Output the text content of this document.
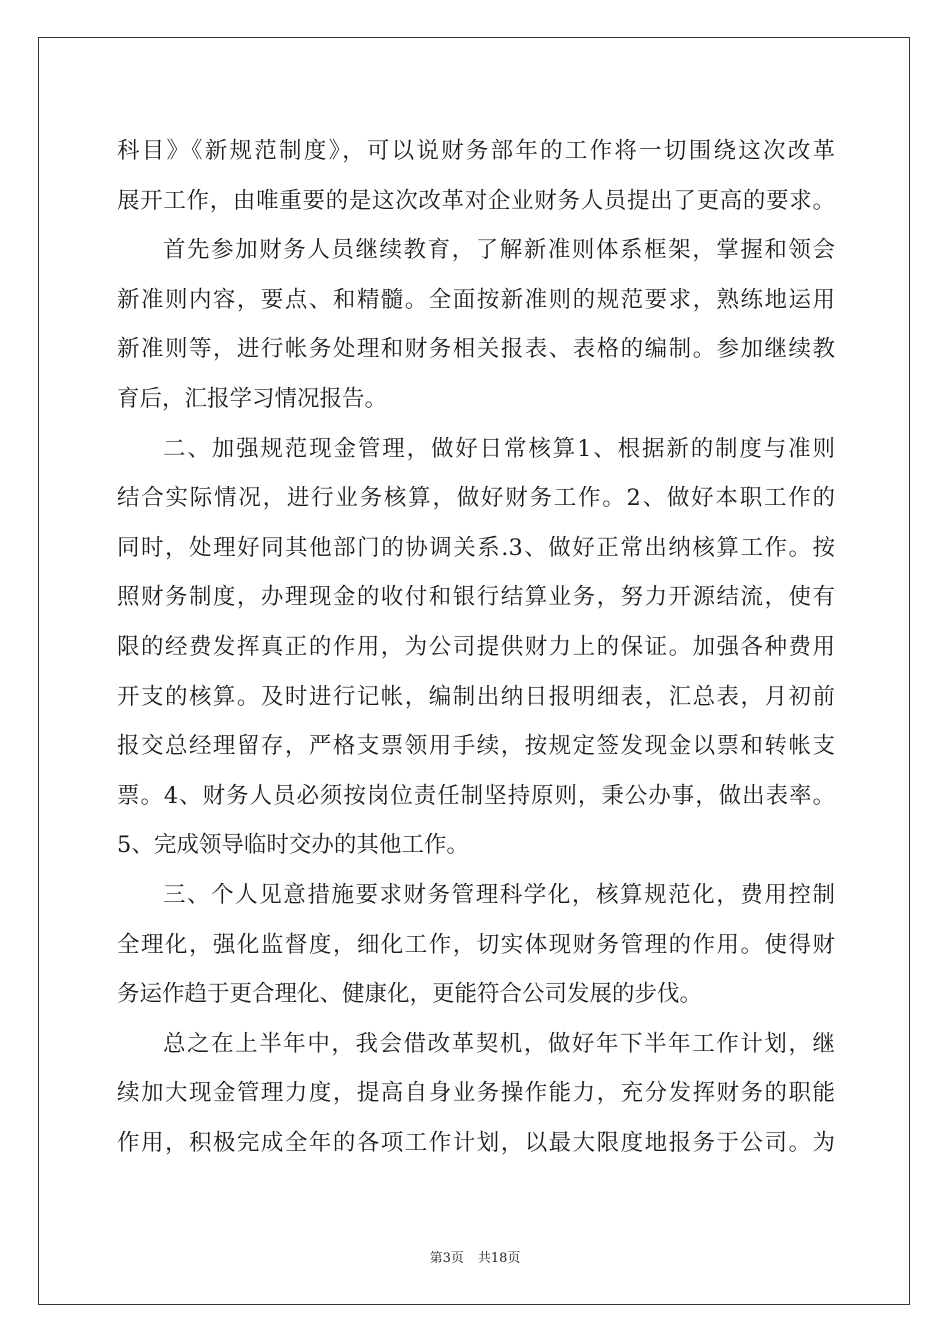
科目》《新规范制度》，可以说财务部年的工作将一切围绕这次改革
展开工作，由唯重要的是这次改革对企业财务人员提出了更高的要求。
首先参加财务人员继续教育，了解新准则体系框架，掌握和领会
新准则内容，要点、和精髓。全面按新准则的规范要求，熟练地运用
新准则等，进行帐务处理和财务相关报表、表格的编制。参加继续教
育后，汇报学习情况报告。
二、加强规范现金管理，做好日常核算1、根据新的制度与准则
结合实际情况，进行业务核算，做好财务工作。2、做好本职工作的
同时，处理好同其他部门的协调关系.3、做好正常出纳核算工作。按
照财务制度，办理现金的收付和银行结算业务，努力开源结流，使有
限的经费发挥真正的作用，为公司提供财力上的保证。加强各种费用
开支的核算。及时进行记帐，编制出纳日报明细表，汇总表，月初前
报交总经理留存，严格支票领用手续，按规定签发现金以票和转帐支
票。4、财务人员必须按岗位责任制坚持原则，秉公办事，做出表率。
5、完成领导临时交办的其他工作。
三、个人见意措施要求财务管理科学化，核算规范化，费用控制
全理化，强化监督度，细化工作，切实体现财务管理的作用。使得财
务运作趋于更合理化、健康化，更能符合公司发展的步伐。
总之在上半年中，我会借改革契机，做好年下半年工作计划，继
续加大现金管理力度，提高自身业务操作能力，充分发挥财务的职能
作用，积极完成全年的各项工作计划，以最大限度地报务于公司。为
第3页 共18页
